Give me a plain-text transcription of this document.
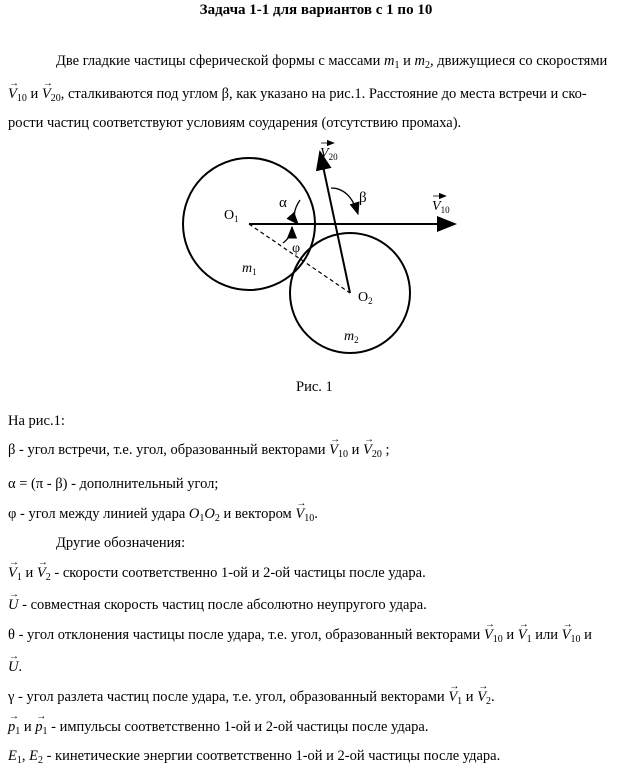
Задача 1-1 для вариантов с 1 по 10
Две гладкие частицы сферической формы с массами $m_1$ и $m_2$, движущиеся со скоростями
→ $V_{10}$ $и \to V_{20}$, сталкиваются под углом β, как указано на рис.1. Расстояние до места встречи и ско-
рости частиц соответствуют условиям соударения (отсутствию промаха).
$O_1$
$O_2$
$m_1$
$m_2$
α	β
φ
$V_{10}$
$V_{20}$
Рис. 1
На рис.1:
β - угол встречи, т.е. угол, образованный векторами → $V_{10}$ $и \to V_{20}$ ;
α = (π - β) - дополнительный угол;
φ - угол между линией удара $O_1O_2$ и вектором → $V_{10}$.
Другие обозначения:
→ $V_1$ $и \to V_2$ - скорости соответственно 1-ой и 2-ой частицы после удара.
→ U - совместная скорость частиц после абсолютно неупругого удара.
θ - угол отклонения частицы после удара, т.е. угол, образованный векторами → $V_{10}$ $и \to V_1$ или → $V_{10}$ и
→ U.
γ - угол разлета частиц после удара, т.е. угол, образованный векторами → $V_1$ $и \to V_2$.
→ $p_1$ $и \to p_1$ - импульсы соответственно 1-ой и 2-ой частицы после удара.
$E_1$, $E_2$ - кинетические энергии соответственно 1-ой и 2-ой частицы после удара.
